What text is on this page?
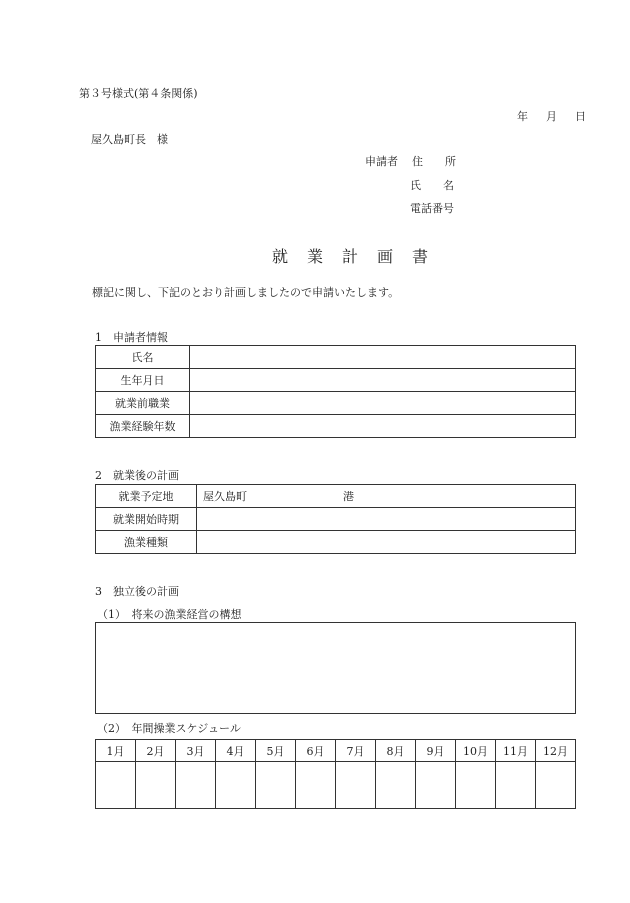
第３号様式(第４条関係)
年 月 日
屋久島町長　様
申請者 住　　所
氏　　名
電話番号
就 業 計 画 書
標記に関し、下記のとおり計画しましたので申請いたします。
1　申請者情報
氏名	
生年月日	
就業前職業	
漁業経験年数	
2　就業後の計画
就業予定地	屋久島町 港
就業開始時期	
漁業種類	
3　独立後の計画
（1）　将来の漁業経営の構想
（2）　年間操業スケジュール
1月	2月	3月	4月	5月	6月	7月	8月	9月	10月	11月	12月
